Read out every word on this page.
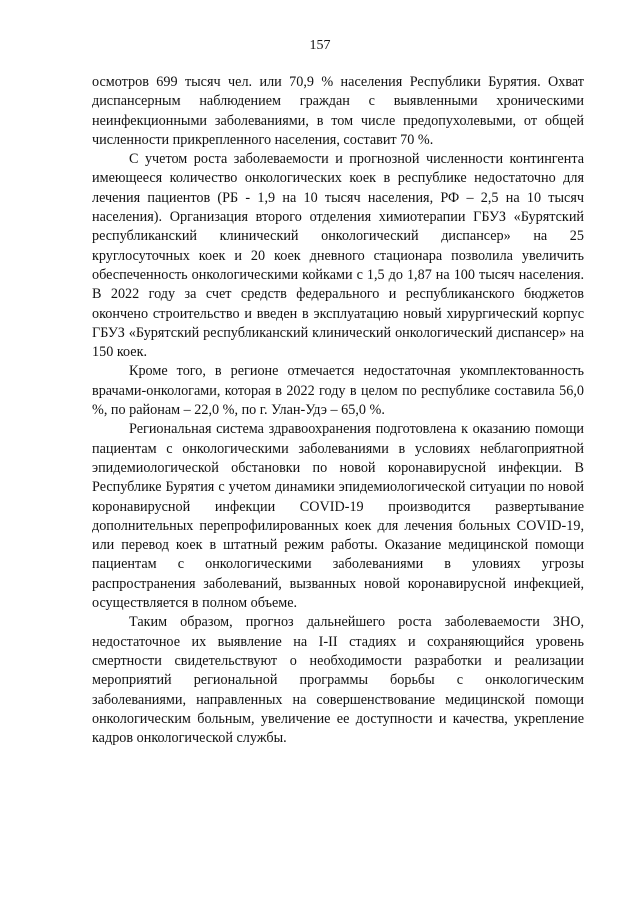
157

осмотров 699 тысяч чел. или 70,9 % населения Республики Бурятия. Охват диспансерным наблюдением граждан с выявленными хроническими неинфекционными заболеваниями, в том числе предопухолевыми, от общей численности прикрепленного населения, составит 70 %.

С учетом роста заболеваемости и прогнозной численности контингента имеющееся количество онкологических коек в республике недостаточно для лечения пациентов (РБ - 1,9 на 10 тысяч населения, РФ – 2,5 на 10 тысяч населения). Организация второго отделения химиотерапии ГБУЗ «Бурятский республиканский клинический онкологический диспансер» на 25 круглосуточных коек и 20 коек дневного стационара позволила увеличить обеспеченность онкологическими койками с 1,5 до 1,87 на 100 тысяч населения. В 2022 году за счет средств федерального и республиканского бюджетов окончено строительство и введен в эксплуатацию новый хирургический корпус ГБУЗ «Бурятский республиканский клинический онкологический диспансер» на 150 коек.

Кроме того, в регионе отмечается недостаточная укомплектованность врачами-онкологами, которая в 2022 году в целом по республике составила 56,0 %, по районам – 22,0 %, по г. Улан-Удэ – 65,0 %.

Региональная система здравоохранения подготовлена к оказанию помощи пациентам с онкологическими заболеваниями в условиях неблагоприятной эпидемиологической обстановки по новой коронавирусной инфекции. В Республике Бурятия с учетом динамики эпидемиологической ситуации по новой коронавирусной инфекции COVID-19 производится развертывание дополнительных перепрофилированных коек для лечения больных COVID-19, или перевод коек в штатный режим работы. Оказание медицинской помощи пациентам с онкологическими заболеваниями в уловиях угрозы распространения заболеваний, вызванных новой коронавирусной инфекцией, осуществляется в полном объеме.

Таким образом, прогноз дальнейшего роста заболеваемости ЗНО, недостаточное их выявление на I-II стадиях и сохраняющийся уровень смертности свидетельствуют о необходимости разработки и реализации мероприятий региональной программы борьбы с онкологическим заболеваниями, направленных на совершенствование медицинской помощи онкологическим больным, увеличение ее доступности и качества, укрепление кадров онкологической службы.
